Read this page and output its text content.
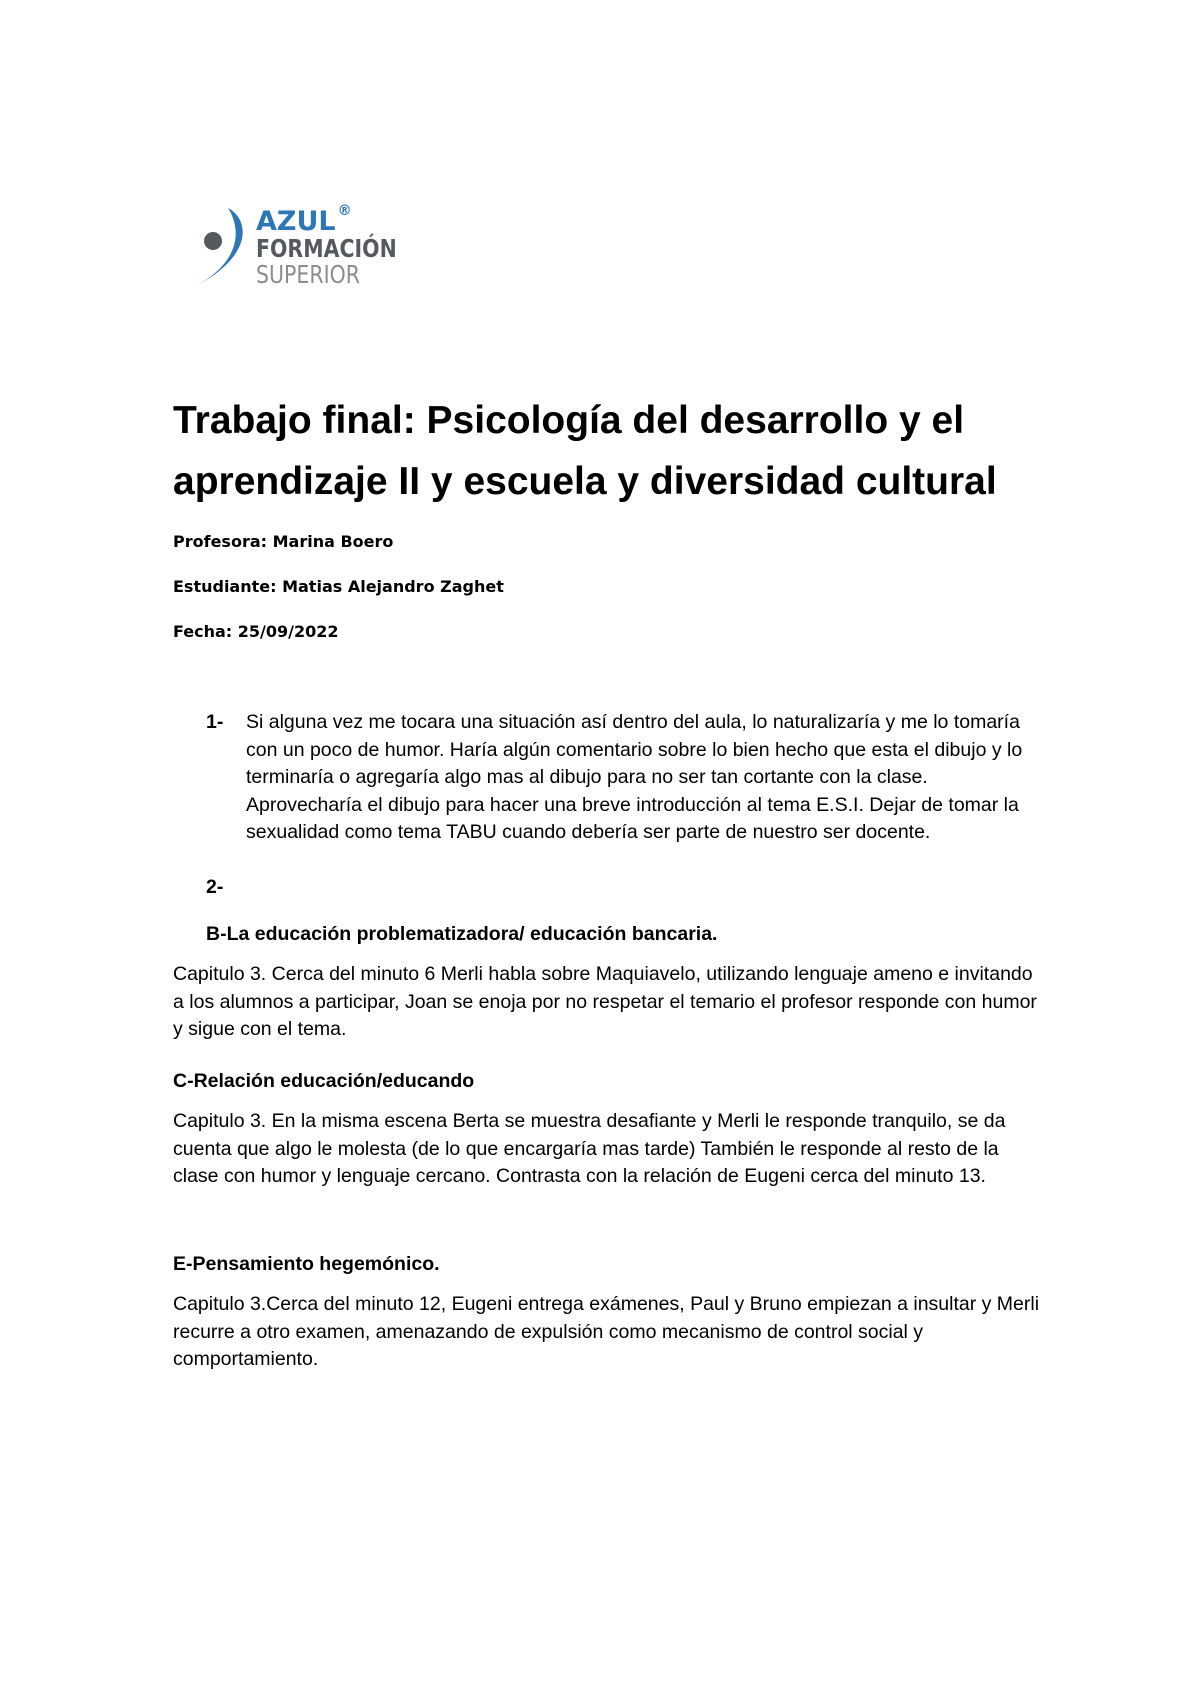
AZUL ®
FORMACIÓN
SUPERIOR
Trabajo final: Psicología del desarrollo y el aprendizaje II y escuela y diversidad cultural

Profesora: Marina Boero

Estudiante: Matias Alejandro Zaghet

Fecha: 25/09/2022

1- Si alguna vez me tocara una situación así dentro del aula, lo naturalizaría y me lo tomaría con un poco de humor. Haría algún comentario sobre lo bien hecho que esta el dibujo y lo terminaría o agregaría algo mas al dibujo para no ser tan cortante con la clase. Aprovecharía el dibujo para hacer una breve introducción al tema E.S.I. Dejar de tomar la sexualidad como tema TABU cuando debería ser parte de nuestro ser docente.
2-

B-La educación problematizadora/ educación bancaria.

Capitulo 3. Cerca del minuto 6 Merli habla sobre Maquiavelo, utilizando lenguaje ameno e invitando a los alumnos a participar, Joan se enoja por no respetar el temario el profesor responde con humor y sigue con el tema.

C-Relación educación/educando

Capitulo 3. En la misma escena Berta se muestra desafiante y Merli le responde tranquilo, se da cuenta que algo le molesta (de lo que encargaría mas tarde) También le responde al resto de la clase con humor y lenguaje cercano. Contrasta con la relación de Eugeni cerca del minuto 13.

E-Pensamiento hegemónico.

Capitulo 3.Cerca del minuto 12, Eugeni entrega exámenes, Paul y Bruno empiezan a insultar y Merli recurre a otro examen, amenazando de expulsión como mecanismo de control social y comportamiento.
